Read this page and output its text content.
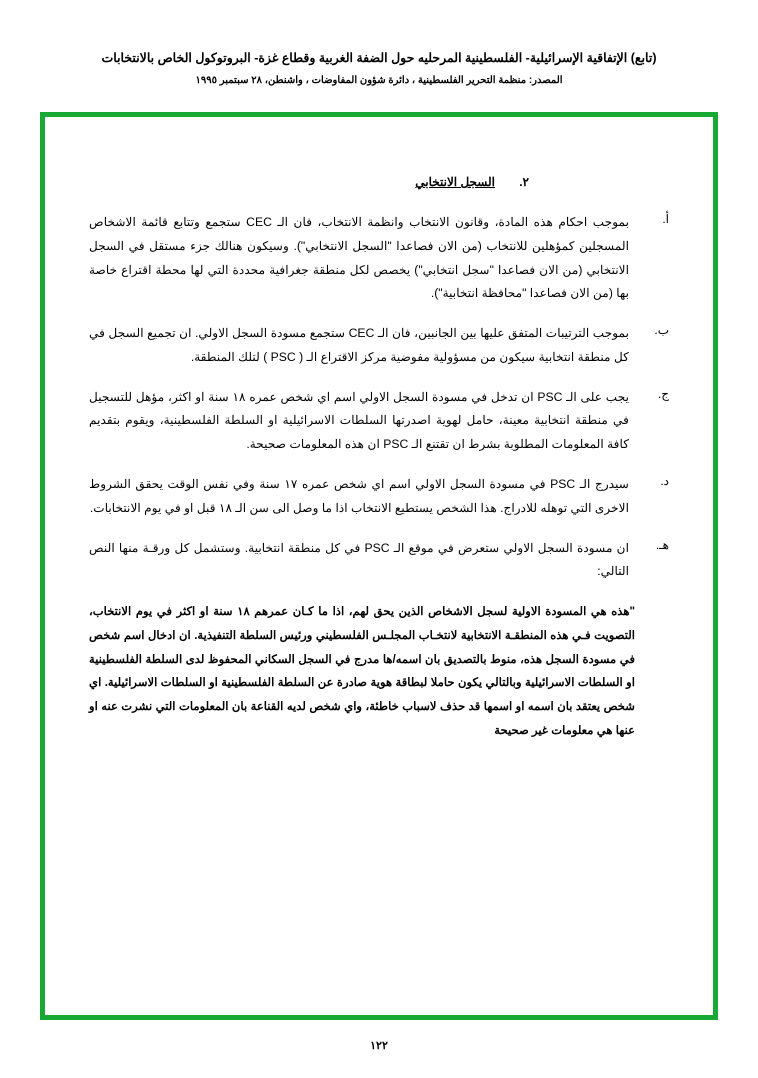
(تابع) الإتفاقية الإسرائيلية- الفلسطينية المرحليه حول الضفة الغربية وقطاع غزة- البروتوكول الخاص بالانتخابات
المصدر: منظمة التحرير الفلسطينية ، دائرة شؤون المفاوضات ، واشنطن، ٢٨ سبتمبر ١٩٩٥
٢.
السجل الانتخابي
أ.
بموجب احكام هذه المادة، وقانون الانتخاب وانظمة الانتخاب، فان الـ CEC ستجمع وتتابع قائمة الاشخاص المسجلين كمؤهلين للانتخاب (من الان فصاعدا "السجل الانتخابي"). وسيكون هنالك جزء مستقل في السجل الانتخابي (من الان فصاعدا "سجل انتخابي") يخصص لكل منطقة جغرافية محددة التي لها محطة اقتراع خاصة بها (من الان فصاعدا "محافظة انتخابية").
ب.
بموجب الترتيبات المتفق عليها بين الجانبين، فان الـ CEC ستجمع مسودة السجل الاولي. ان تجميع السجل في كل منطقة انتخابية سيكون من مسؤولية مفوضية مركز الاقتراع الـ ( PSC ) لتلك المنطقة.
ج.
يجب على الـ PSC ان تدخل في مسودة السجل الاولي اسم اي شخص عمره ١٨ سنة او اكثر، مؤهل للتسجيل في منطقة انتخابية معينة، حامل لهوية اصدرتها السلطات الاسرائيلية او السلطة الفلسطينية، ويقوم بتقديم كافة المعلومات المطلوبة بشرط ان تقتنع الـ PSC ان هذه المعلومات صحيحة.
د.
سيدرج الـ PSC في مسودة السجل الاولي اسم اي شخص عمره ١٧ سنة وفي نفس الوقت يحقق الشروط الاخرى التي توهله للادراج. هذا الشخص يستطيع الانتخاب اذا ما وصل الى سن الـ ١٨ قبل او في يوم الانتخابات.
هـ.
ان مسودة السجل الاولي ستعرض في موقع الـ PSC في كل منطقة انتخابية. وستشمل كل ورقـة منها النص التالي:
"هذه هي المسودة الاولية لسجل الاشخاص الذين يحق لهم، اذا ما كـان عمرهم ١٨ سنة او اكثر في يوم الانتخاب، التصويت فـي هذه المنطقـة الانتخابية لانتخـاب المجلـس الفلسطيني ورئيس السلطة التنفيذية. ان ادخال اسم شخص في مسودة السجل هذه، منوط بالتصديق بان اسمه/ها مدرج في السجل السكاني المحفوظ لدى السلطة الفلسطينية او السلطات الاسرائيلية وبالتالي يكون حاملا لبطاقة هوية صادرة عن السلطة الفلسطينية او السلطات الاسرائيلية. اي شخص يعتقد بان اسمه او اسمها قد حذف لاسباب خاطئة، واي شخص لديه القناعة بان المعلومات التي نشرت عنه او عنها هي معلومات غير صحيحة
١٢٢
